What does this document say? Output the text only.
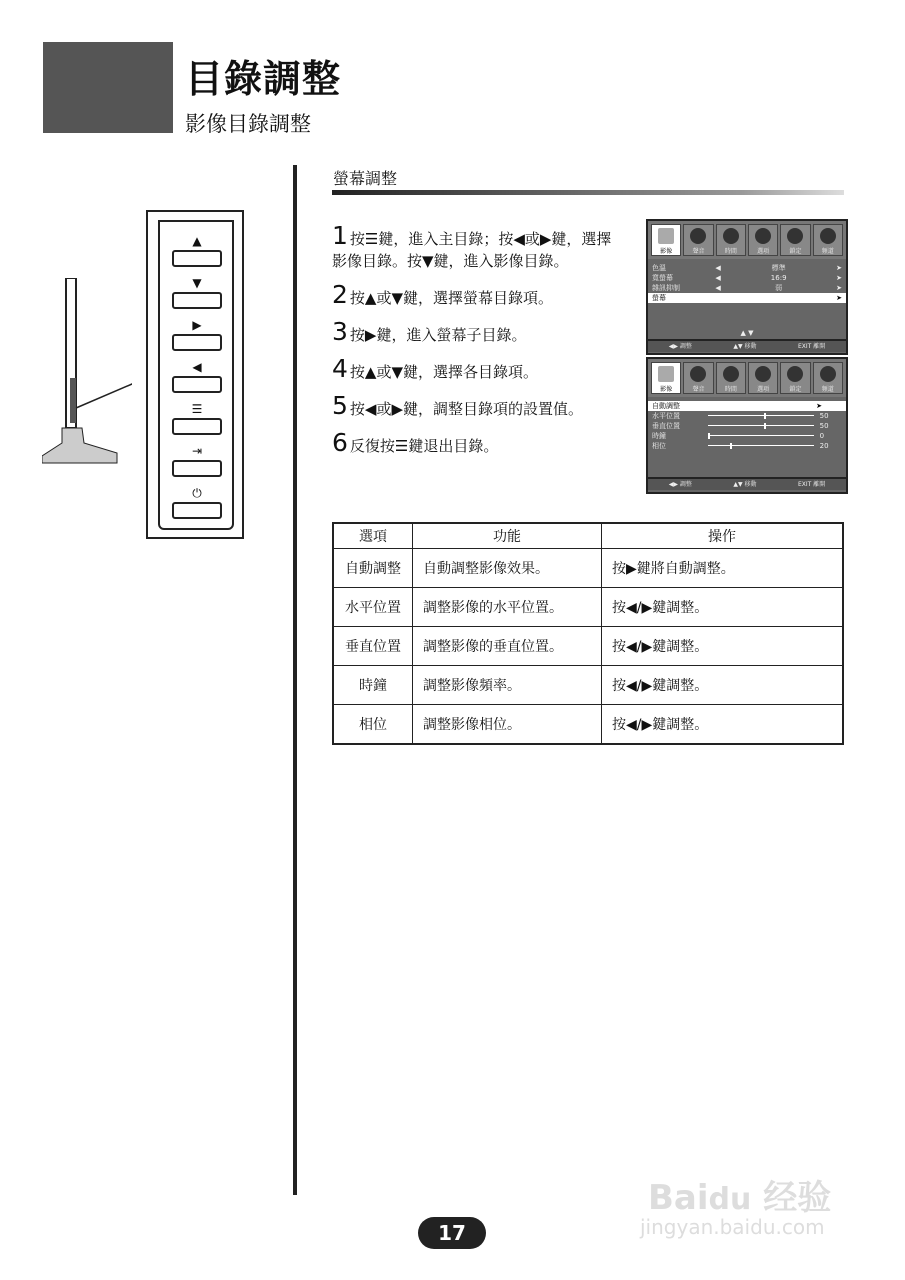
目錄調整
影像目錄調整
▲
▼
▶
◀
☰
⇥
⏻
螢幕調整
1 按☰鍵，進入主目錄；按◀或▶鍵，選擇影像目錄。按▼鍵，進入影像目錄。
2 按▲或▼鍵，選擇螢幕目錄項。
3 按▶鍵，進入螢幕子目錄。
4 按▲或▼鍵，選擇各目錄項。
5 按◀或▶鍵，調整目錄項的設置值。
6 反復按☰鍵退出目錄。
影像	聲音	時間	選項	鎖定	頻道
色溫	◀	標準	➤
寬螢幕	◀	16:9	➤
雜訊抑制	◀	弱	➤
螢幕	➤
▲ ▼
◀▶ 調整	▲▼ 移動	EXIT 離開
影像	聲音	時間	選項	鎖定	頻道
自動調整	➤
水平位置	50
垂直位置	50
時鐘	0
相位	20
◀▶ 調整	▲▼ 移動	EXIT 離開
選項	功能	操作
自動調整	自動調整影像效果。	按▶鍵將自動調整。
水平位置	調整影像的水平位置。	按◀/▶鍵調整。
垂直位置	調整影像的垂直位置。	按◀/▶鍵調整。
時鐘	調整影像頻率。	按◀/▶鍵調整。
相位	調整影像相位。	按◀/▶鍵調整。
Baidu 经验
jingyan.baidu.com
17
